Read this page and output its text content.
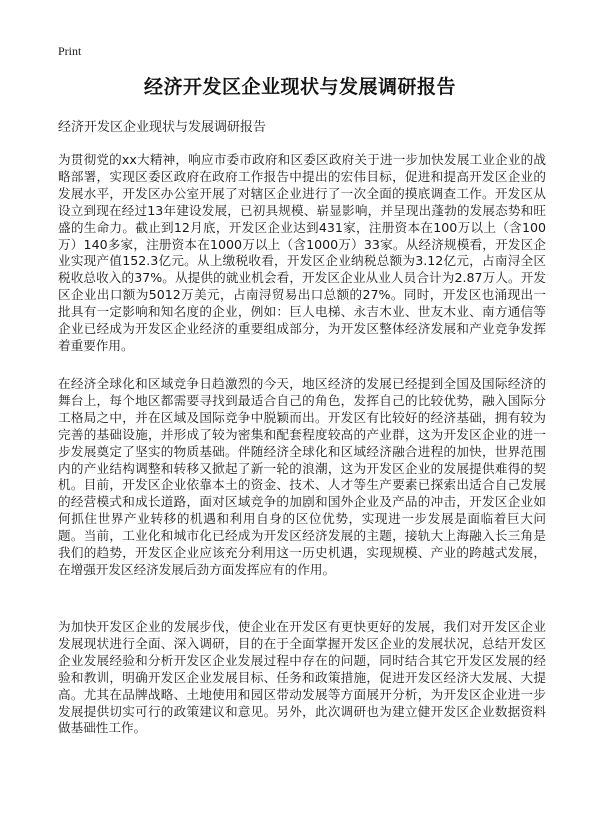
Print
经济开发区企业现状与发展调研报告
经济开发区企业现状与发展调研报告

为贯彻党的xx大精神，响应市委市政府和区委区政府关于进一步加快发展工业企业的战略部署，实现区委区政府在政府工作报告中提出的宏伟目标，促进和提高开发区企业的发展水平，开发区办公室开展了对辖区企业进行了一次全面的摸底调查工作。开发区从设立到现在经过13年建设发展，已初具规模、崭显影响，并呈现出蓬勃的发展态势和旺盛的生命力。截止到12月底，开发区企业达到431家，注册资本在100万以上（含100万）140多家，注册资本在1000万以上（含1000万）33家。从经济规模看，开发区企业实现产值152.3亿元。从上缴税收看，开发区企业纳税总额为3.12亿元，占南浔全区税收总收入的37%。从提供的就业机会看，开发区企业从业人员合计为2.87万人。开发区企业出口额为5012万美元，占南浔贸易出口总额的27%。同时，开发区也涌现出一批具有一定影响和知名度的企业，例如：巨人电梯、永吉木业、世友木业、南方通信等企业已经成为开发区企业经济的重要组成部分，为开发区整体经济发展和产业竞争发挥着重要作用。

在经济全球化和区域竞争日趋激烈的今天，地区经济的发展已经提到全国及国际经济的舞台上，每个地区都需要寻找到最适合自己的角色，发挥自己的比较优势，融入国际分工格局之中，并在区域及国际竞争中脱颖而出。开发区有比较好的经济基础，拥有较为完善的基础设施，并形成了较为密集和配套程度较高的产业群，这为开发区企业的进一步发展奠定了坚实的物质基础。伴随经济全球化和区域经济融合进程的加快，世界范围内的产业结构调整和转移又掀起了新一轮的浪潮，这为开发区企业的发展提供难得的契机。目前，开发区企业依靠本土的资金、技术、人才等生产要素已探索出适合自己发展的经营模式和成长道路，面对区域竞争的加剧和国外企业及产品的冲击，开发区企业如何抓住世界产业转移的机遇和利用自身的区位优势，实现进一步发展是面临着巨大问题。当前，工业化和城市化已经成为开发区经济发展的主题，接轨大上海融入长三角是我们的趋势，开发区企业应该充分利用这一历史机遇，实现规模、产业的跨越式发展，在增强开发区经济发展后劲方面发挥应有的作用。

为加快开发区企业的发展步伐，使企业在开发区有更快更好的发展，我们对开发区企业发展现状进行全面、深入调研，目的在于全面掌握开发区企业的发展状况，总结开发区企业发展经验和分析开发区企业发展过程中存在的问题，同时结合其它开发区发展的经验和教训，明确开发区企业发展目标、任务和政策措施，促进开发区经济大发展、大提高。尤其在品牌战略、土地使用和园区带动发展等方面展开分析，为开发区企业进一步发展提供切实可行的政策建议和意见。另外，此次调研也为建立健开发区企业数据资料做基础性工作。
